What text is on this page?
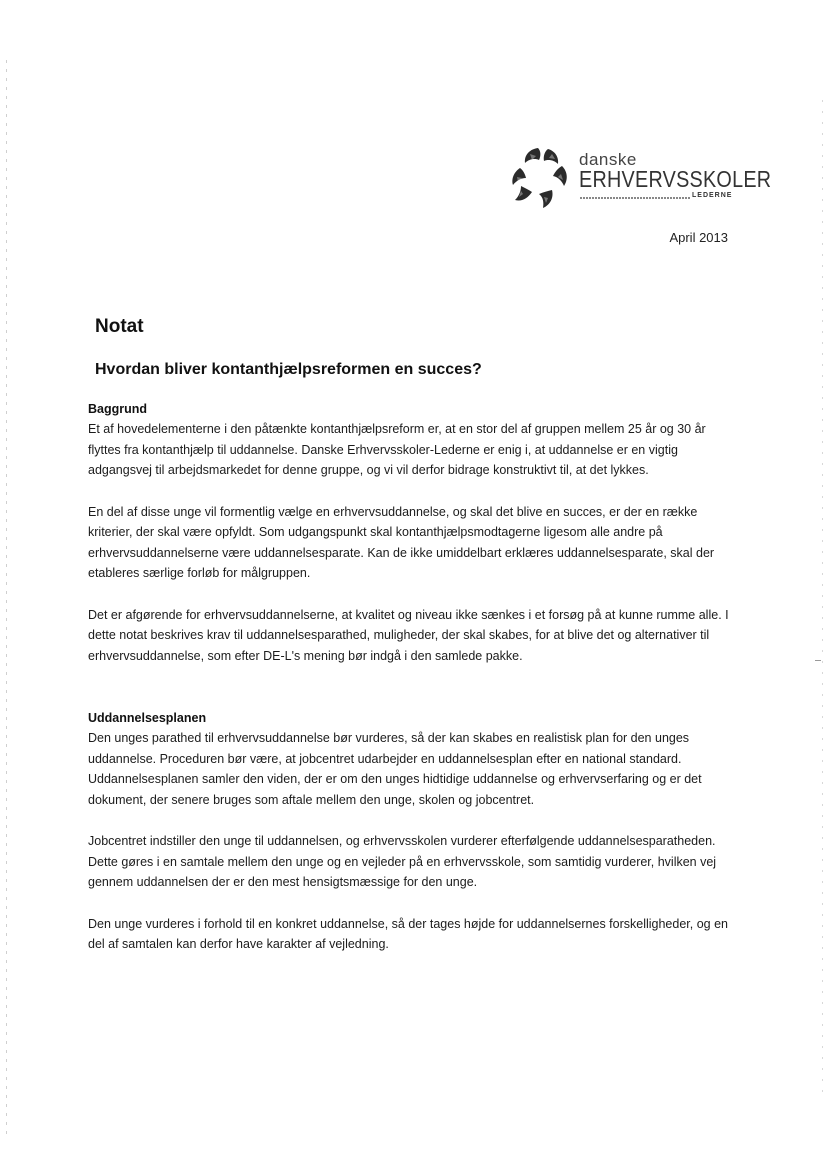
danske
ERHVERVSSKOLER
LEDERNE
April 2013
Notat
Hvordan bliver kontanthjælpsreformen en succes?

Baggrund

Et af hovedelementerne i den påtænkte kontanthjælpsreform er, at en stor del af gruppen mellem 25 år og 30 år flyttes fra kontanthjælp til uddannelse. Danske Erhvervsskoler-Lederne er enig i, at uddannelse er en vigtig adgangsvej til arbejdsmarkedet for denne gruppe, og vi vil derfor bidrage konstruktivt til, at det lykkes.

En del af disse unge vil formentlig vælge en erhvervsuddannelse, og skal det blive en succes, er der en række kriterier, der skal være opfyldt. Som udgangspunkt skal kontanthjælpsmodtagerne ligesom alle andre på erhvervsuddannelserne være uddannelsesparate. Kan de ikke umiddelbart erklæres uddannelsesparate, skal der etableres særlige forløb for målgruppen.

Det er afgørende for erhvervsuddannelserne, at kvalitet og niveau ikke sænkes i et forsøg på at kunne rumme alle. I dette notat beskrives krav til uddannelsesparathed, muligheder, der skal skabes, for at blive det og alternativer til erhvervsuddannelse, som efter DE-L's mening bør indgå i den samlede pakke.

Uddannelsesplanen

Den unges parathed til erhvervsuddannelse bør vurderes, så der kan skabes en realistisk plan for den unges uddannelse. Proceduren bør være, at jobcentret udarbejder en uddannelsesplan efter en national standard. Uddannelsesplanen samler den viden, der er om den unges hidtidige uddannelse og erhvervserfaring og er det dokument, der senere bruges som aftale mellem den unge, skolen og jobcentret.

Jobcentret indstiller den unge til uddannelsen, og erhvervsskolen vurderer efterfølgende uddannelsesparatheden. Dette gøres i en samtale mellem den unge og en vejleder på en erhvervsskole, som samtidig vurderer, hvilken vej gennem uddannelsen der er den mest hensigtsmæssige for den unge.

Den unge vurderes i forhold til en konkret uddannelse, så der tages højde for uddannelsernes forskelligheder, og en del af samtalen kan derfor have karakter af vejledning.
